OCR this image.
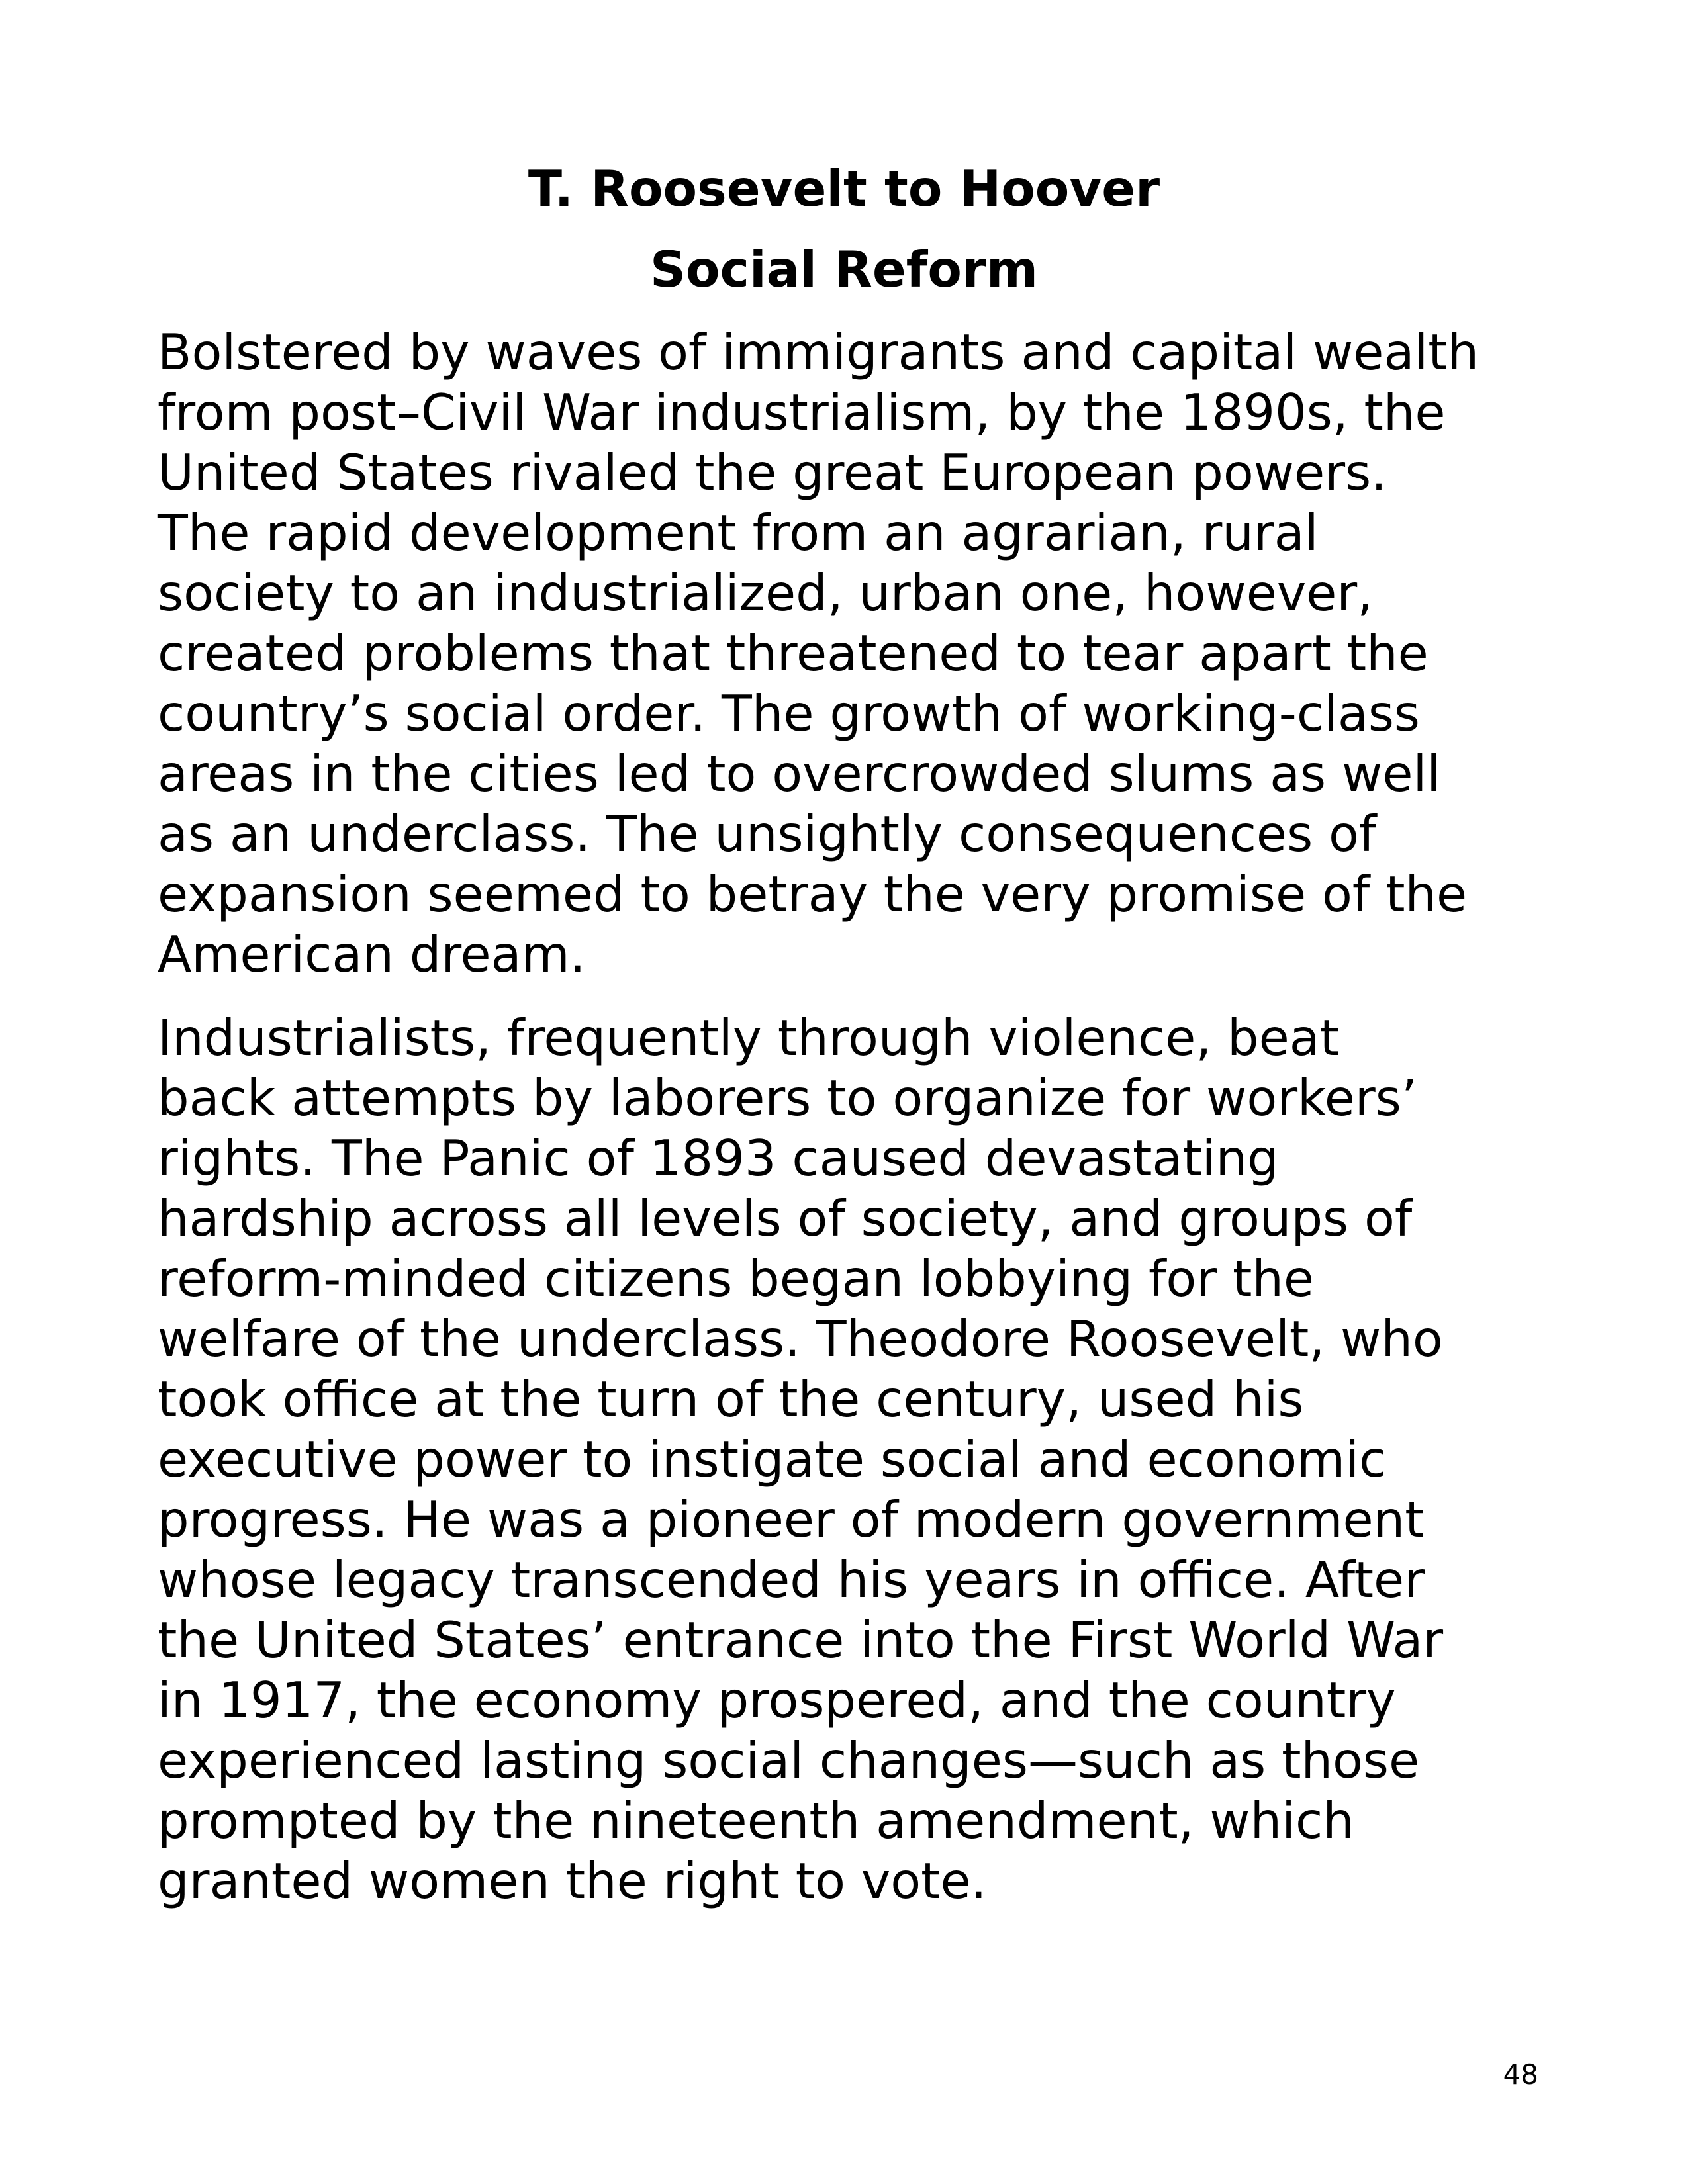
T. Roosevelt to Hoover
Social Reform
Bolstered by waves of immigrants and capital wealth
from post–Civil War industrialism, by the 1890s, the
United States rivaled the great European powers.
The rapid development from an agrarian, rural
society to an industrialized, urban one, however,
created problems that threatened to tear apart the
country’s social order. The growth of working-class
areas in the cities led to overcrowded slums as well
as an underclass. The unsightly consequences of
expansion seemed to betray the very promise of the
American dream.
Industrialists, frequently through violence, beat
back attempts by laborers to organize for workers’
rights. The Panic of 1893 caused devastating
hardship across all levels of society, and groups of
reform-minded citizens began lobbying for the
welfare of the underclass. Theodore Roosevelt, who
took office at the turn of the century, used his
executive power to instigate social and economic
progress. He was a pioneer of modern government
whose legacy transcended his years in office. After
the United States’ entrance into the First World War
in 1917, the economy prospered, and the country
experienced lasting social changes—such as those
prompted by the nineteenth amendment, which
granted women the right to vote.
48
